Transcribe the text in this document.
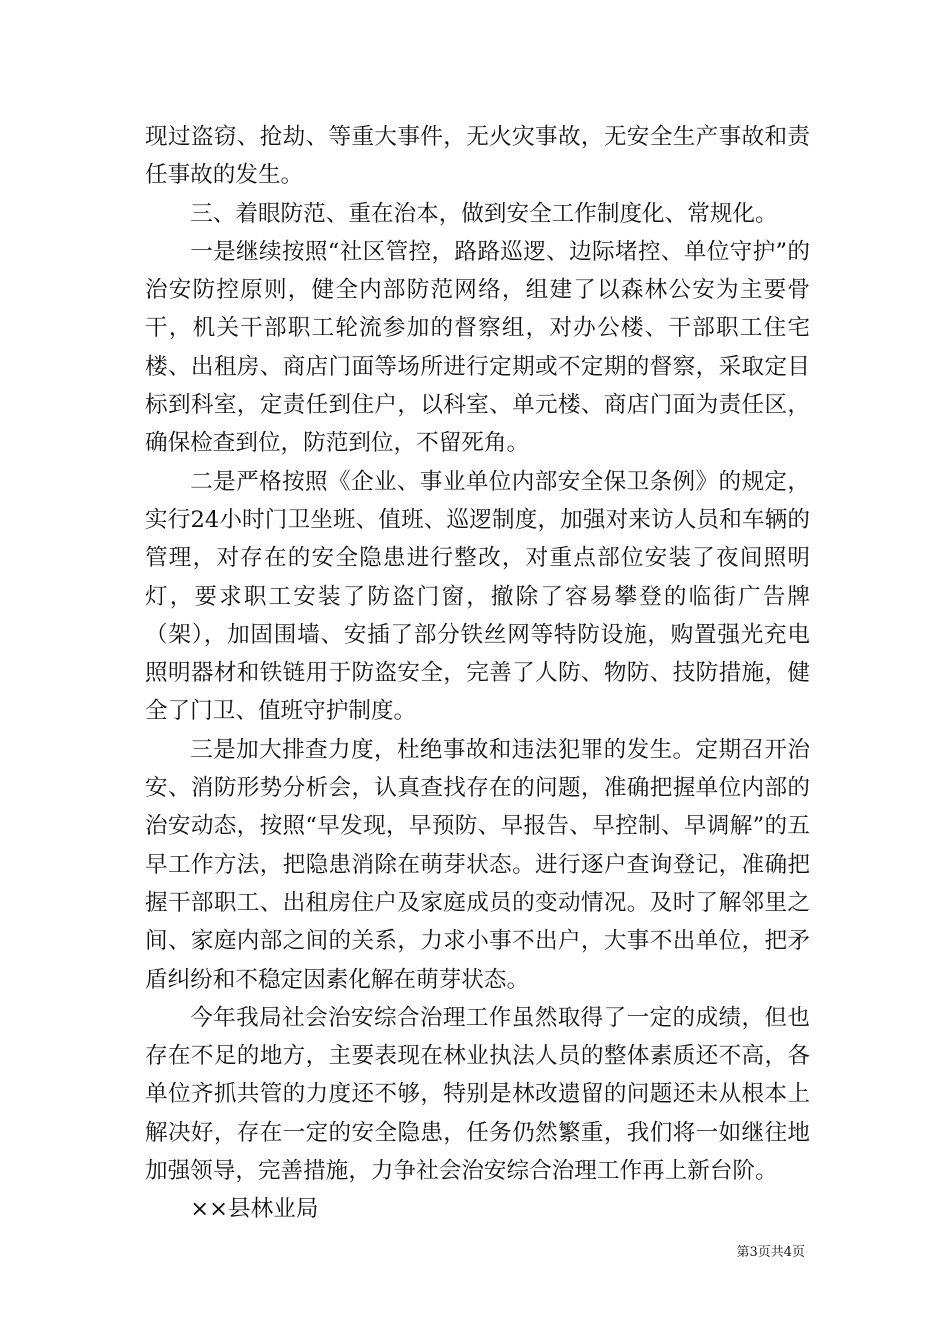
现过盗窃、抢劫、等重大事件，无火灾事故，无安全生产事故和责任事故的发生。

三、着眼防范、重在治本，做到安全工作制度化、常规化。

一是继续按照“社区管控，路路巡逻、边际堵控、单位守护”的治安防控原则，健全内部防范网络，组建了以森林公安为主要骨干，机关干部职工轮流参加的督察组，对办公楼、干部职工住宅楼、出租房、商店门面等场所进行定期或不定期的督察，采取定目标到科室，定责任到住户，以科室、单元楼、商店门面为责任区，确保检查到位，防范到位，不留死角。

二是严格按照《企业、事业单位内部安全保卫条例》的规定，实行24小时门卫坐班、值班、巡逻制度，加强对来访人员和车辆的管理，对存在的安全隐患进行整改，对重点部位安装了夜间照明灯，要求职工安装了防盗门窗，撤除了容易攀登的临街广告牌（架），加固围墙、安插了部分铁丝网等特防设施，购置强光充电照明器材和铁链用于防盗安全，完善了人防、物防、技防措施，健全了门卫、值班守护制度。

三是加大排查力度，杜绝事故和违法犯罪的发生。定期召开治安、消防形势分析会，认真查找存在的问题，准确把握单位内部的治安动态，按照“早发现，早预防、早报告、早控制、早调解”的五早工作方法，把隐患消除在萌芽状态。进行逐户查询登记，准确把握干部职工、出租房住户及家庭成员的变动情况。及时了解邻里之间、家庭内部之间的关系，力求小事不出户，大事不出单位，把矛盾纠纷和不稳定因素化解在萌芽状态。

今年我局社会治安综合治理工作虽然取得了一定的成绩，但也存在不足的地方，主要表现在林业执法人员的整体素质还不高，各单位齐抓共管的力度还不够，特别是林改遗留的问题还未从根本上解决好，存在一定的安全隐患，任务仍然繁重，我们将一如继往地加强领导，完善措施，力争社会治安综合治理工作再上新台阶。

××县林业局

第3页共4页
